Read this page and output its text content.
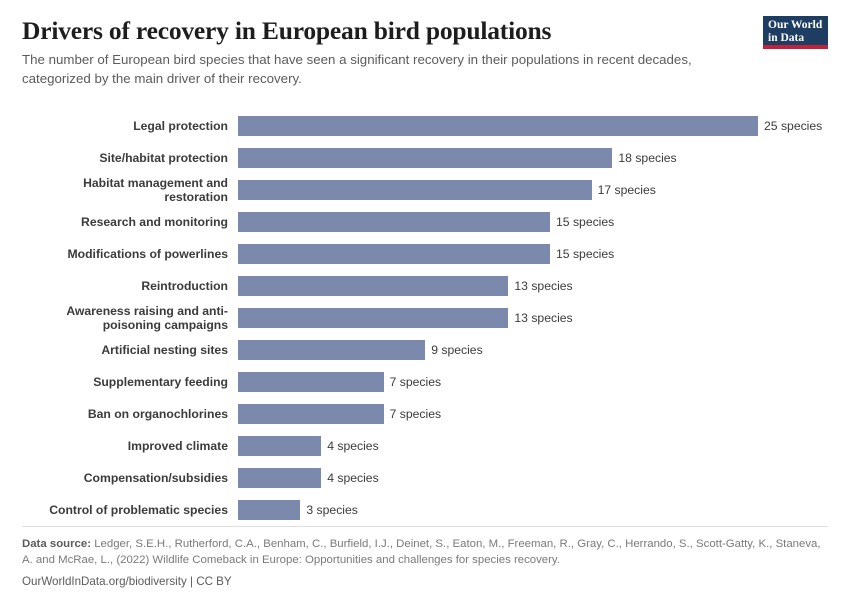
Drivers of recovery in European bird populations

The number of European bird species that have seen a significant recovery in their populations in recent decades, categorized by the main driver of their recovery.

Our World
in Data
Legal protection	25 species
Site/habitat protection	18 species
Habitat management and restoration	17 species
Research and monitoring	15 species
Modifications of powerlines	15 species
Reintroduction	13 species
Awareness raising and anti-poisoning campaigns	13 species
Artificial nesting sites	9 species
Supplementary feeding	7 species
Ban on organochlorines	7 species
Improved climate	4 species
Compensation/subsidies	4 species
Control of problematic species	3 species

Data source: Ledger, S.E.H., Rutherford, C.A., Benham, C., Burfield, I.J., Deinet, S., Eaton, M., Freeman, R., Gray, C., Herrando, S., Scott-Gatty, K., Staneva, A. and McRae, L., (2022) Wildlife Comeback in Europe: Opportunities and challenges for species recovery.

OurWorldInData.org/biodiversity | CC BY
